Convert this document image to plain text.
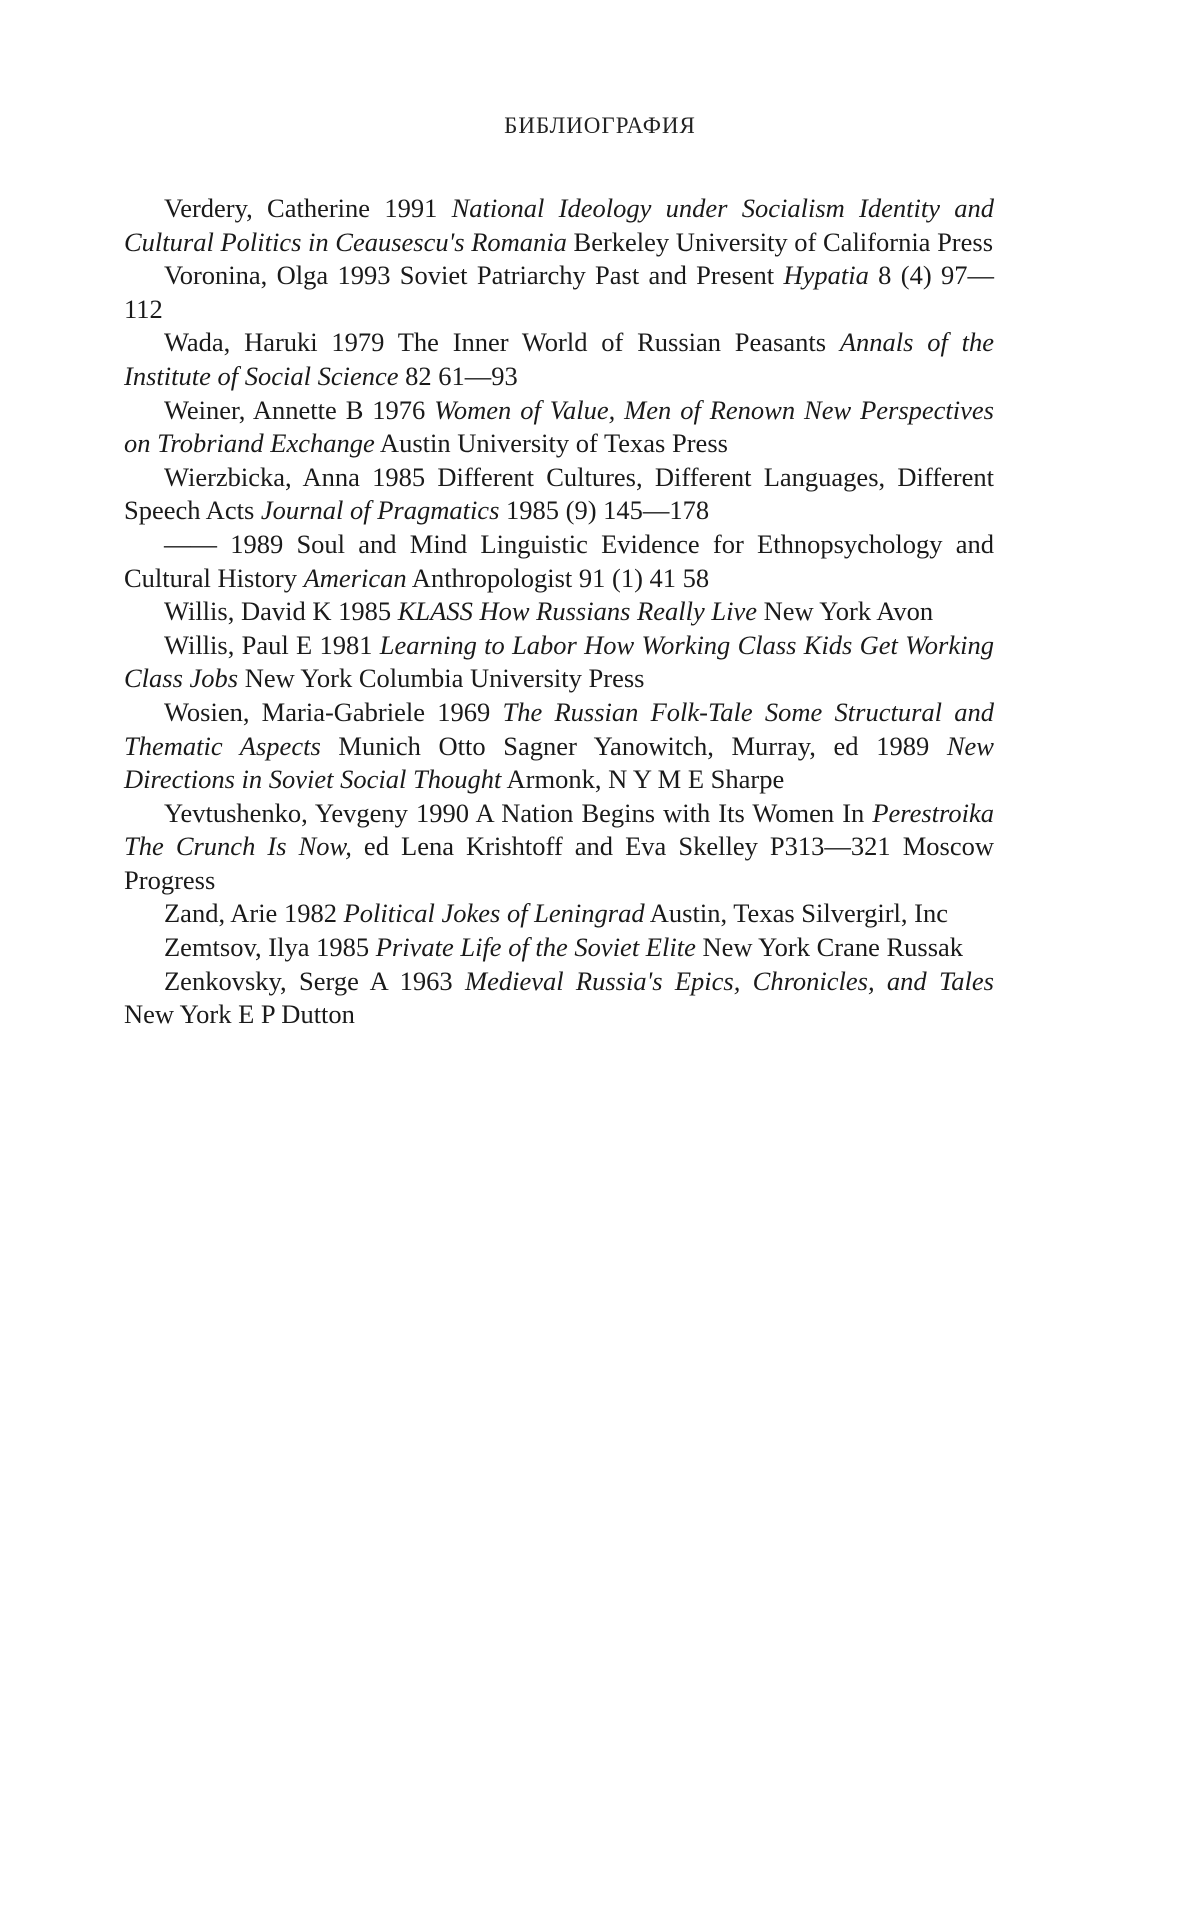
БИБЛИОГРАФИЯ

Verdery, Catherine 1991 National Ideology under Socialism Identity and Cultural Politics in Ceausescu's Romania Berkeley University of California Press

Voronina, Olga 1993 Soviet Patriarchy Past and Present Hypatia 8 (4) 97—112

Wada, Haruki 1979 The Inner World of Russian Peasants Annals of the Institute of Social Science 82 61—93

Weiner, Annette B 1976 Women of Value, Men of Renown New Perspectives on Trobriand Exchange Austin University of Texas Press

Wierzbicka, Anna 1985 Different Cultures, Different Languages, Different Speech Acts Journal of Pragmatics 1985 (9) 145—178

—— 1989 Soul and Mind Linguistic Evidence for Ethnopsychology and Cultural History American Anthropologist 91 (1) 41 58

Willis, David K 1985 KLASS How Russians Really Live New York Avon

Willis, Paul E 1981 Learning to Labor How Working Class Kids Get Working Class Jobs New York Columbia University Press

Wosien, Maria-Gabriele 1969 The Russian Folk-Tale Some Structural and Thematic Aspects Munich Otto Sagner Yanowitch, Murray, ed 1989 New Directions in Soviet Social Thought Armonk, N Y M E Sharpe

Yevtushenko, Yevgeny 1990 A Nation Begins with Its Women In Perestroika The Crunch Is Now, ed Lena Krishtoff and Eva Skelley P313—321 Moscow Progress

Zand, Arie 1982 Political Jokes of Leningrad Austin, Texas Silvergirl, Inc

Zemtsov, Ilya 1985 Private Life of the Soviet Elite New York Crane Russak

Zenkovsky, Serge A 1963 Medieval Russia's Epics, Chronicles, and Tales New York E P Dutton
